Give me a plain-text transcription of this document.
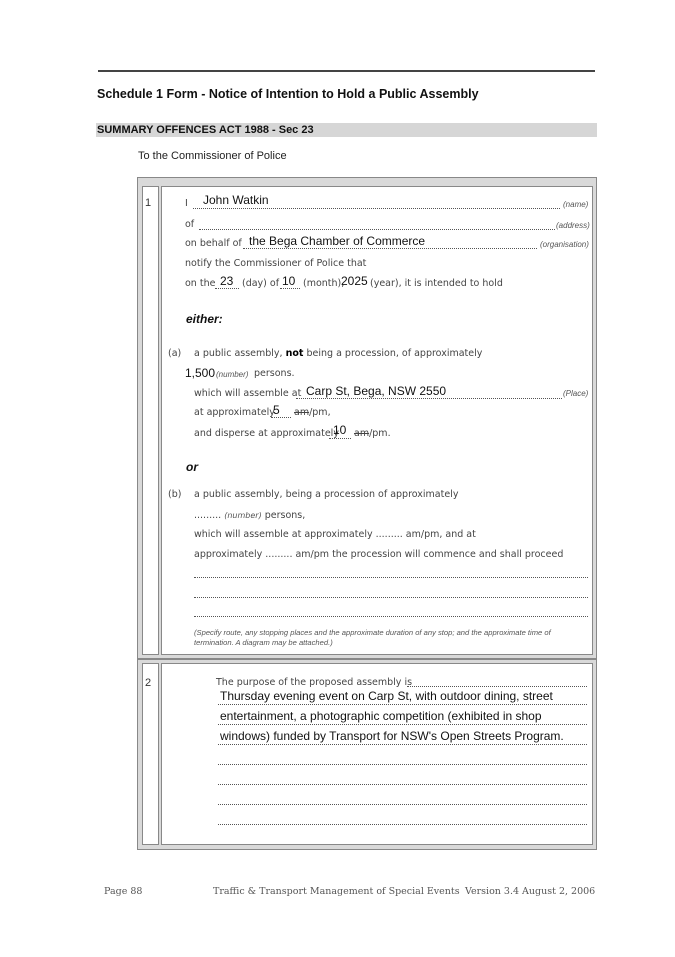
Schedule 1 Form - Notice of Intention to Hold a Public Assembly
SUMMARY OFFENCES ACT 1988 - Sec 23
To the Commissioner of Police
1	I John Watkin	(name)
of	(address)
on behalf of the Bega Chamber of Commerce	(organisation)
notify the Commissioner of Police that
on the 23 (day) of 10 (month),
2025 (year), it is intended to hold
either:
(a) a public assembly, not being a procession, of approximately
1,500 (number) persons.
which will assemble at Carp St, Bega, NSW 2550	(Place)
at approximately
5 am/pm,
and disperse at approximately
10 am/pm.
or
(b) a public assembly, being a procession of approximately
......... (number) persons,
which will assemble at approximately ......... am/pm, and at
approximately ......... am/pm the procession will commence and shall proceed
(Specify route, any stopping places and the approximate duration of any stop; and the approximate time of termination. A diagram may be attached.)
2	The purpose of the proposed assembly is
Thursday evening event on Carp St, with outdoor dining, street
entertainment, a photographic competition (exhibited in shop
windows) funded by Transport for NSW's Open Streets Program.
Page 88	Traffic & Transport Management of Special Events Version 3.4 August 2, 2006
